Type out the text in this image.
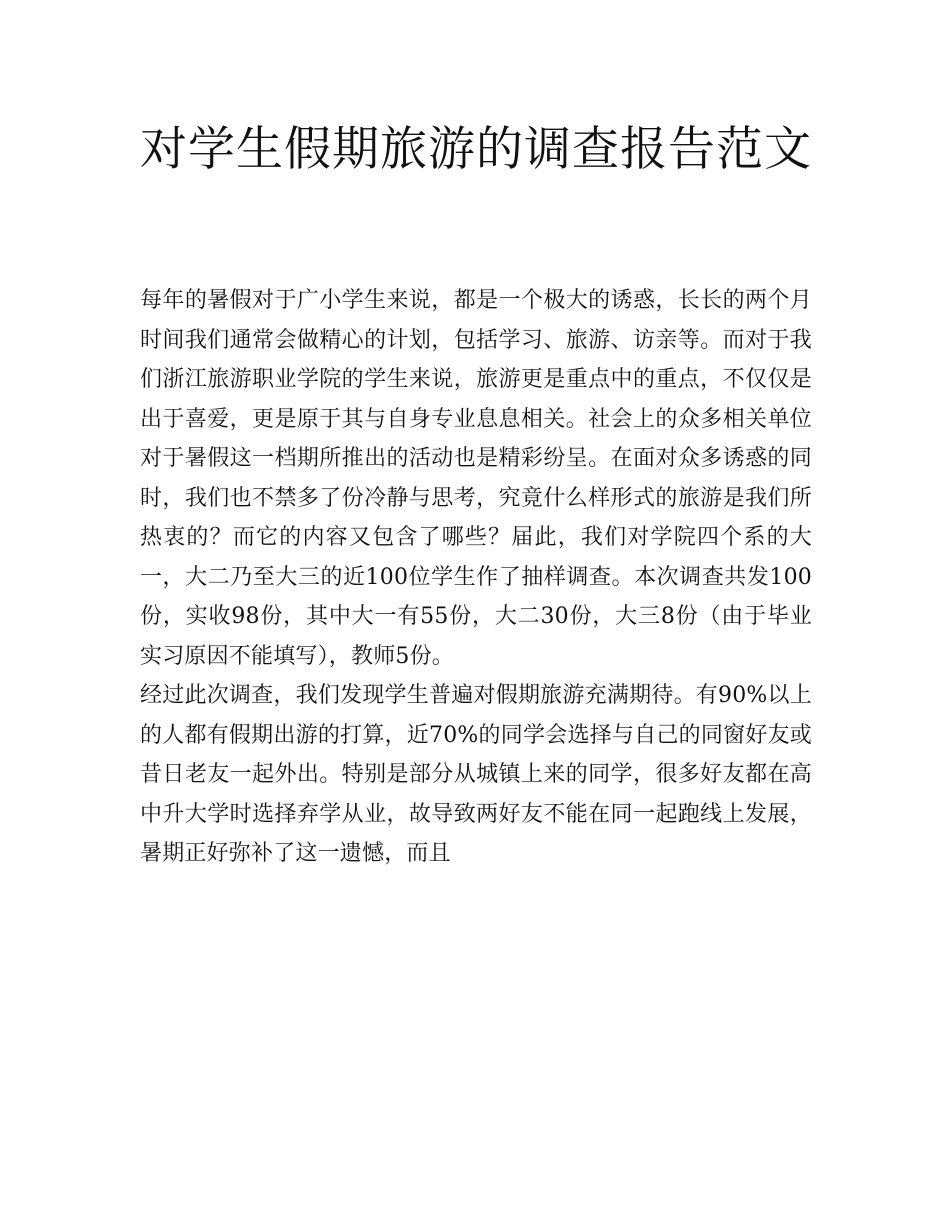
对学生假期旅游的调查报告范文

每年的暑假对于广小学生来说，都是一个极大的诱惑，长长的两个月时间我们通常会做精心的计划，包括学习、旅游、访亲等。而对于我们浙江旅游职业学院的学生来说，旅游更是重点中的重点，不仅仅是出于喜爱，更是原于其与自身专业息息相关。社会上的众多相关单位对于暑假这一档期所推出的活动也是精彩纷呈。在面对众多诱惑的同时，我们也不禁多了份冷静与思考，究竟什么样形式的旅游是我们所热衷的？而它的内容又包含了哪些？届此，我们对学院四个系的大一，大二乃至大三的近100位学生作了抽样调查。本次调查共发100份，实收98份，其中大一有55份，大二30份，大三8份（由于毕业实习原因不能填写），教师5份。

经过此次调查，我们发现学生普遍对假期旅游充满期待。有90%以上的人都有假期出游的打算，近70%的同学会选择与自己的同窗好友或昔日老友一起外出。特别是部分从城镇上来的同学，很多好友都在高中升大学时选择弃学从业，故导致两好友不能在同一起跑线上发展，暑期正好弥补了这一遗憾，而且
